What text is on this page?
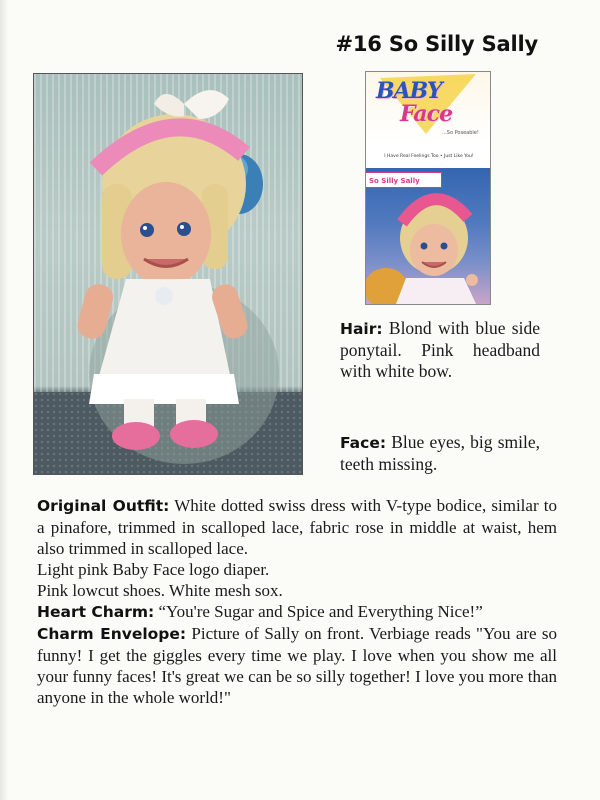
#16 So Silly Sally
BABY
Face
...So Poseable!
I Have Real Feelings Too • Just Like You!
So Silly Sally
Hair: Blond with blue side ponytail. Pink headband with white bow.
Face: Blue eyes, big smile, teeth missing.

Original Outfit: White dotted swiss dress with V-type bodice, similar to a pinafore, trimmed in scalloped lace, fabric rose in middle at waist, hem also trimmed in scalloped lace.

Light pink Baby Face logo diaper.

Pink lowcut shoes. White mesh sox.

Heart Charm: “You're Sugar and Spice and Everything Nice!”

Charm Envelope: Picture of Sally on front. Verbiage reads "You are so funny! I get the giggles every time we play. I love when you show me all your funny faces! It's great we can be so silly together! I love you more than anyone in the whole world!"
